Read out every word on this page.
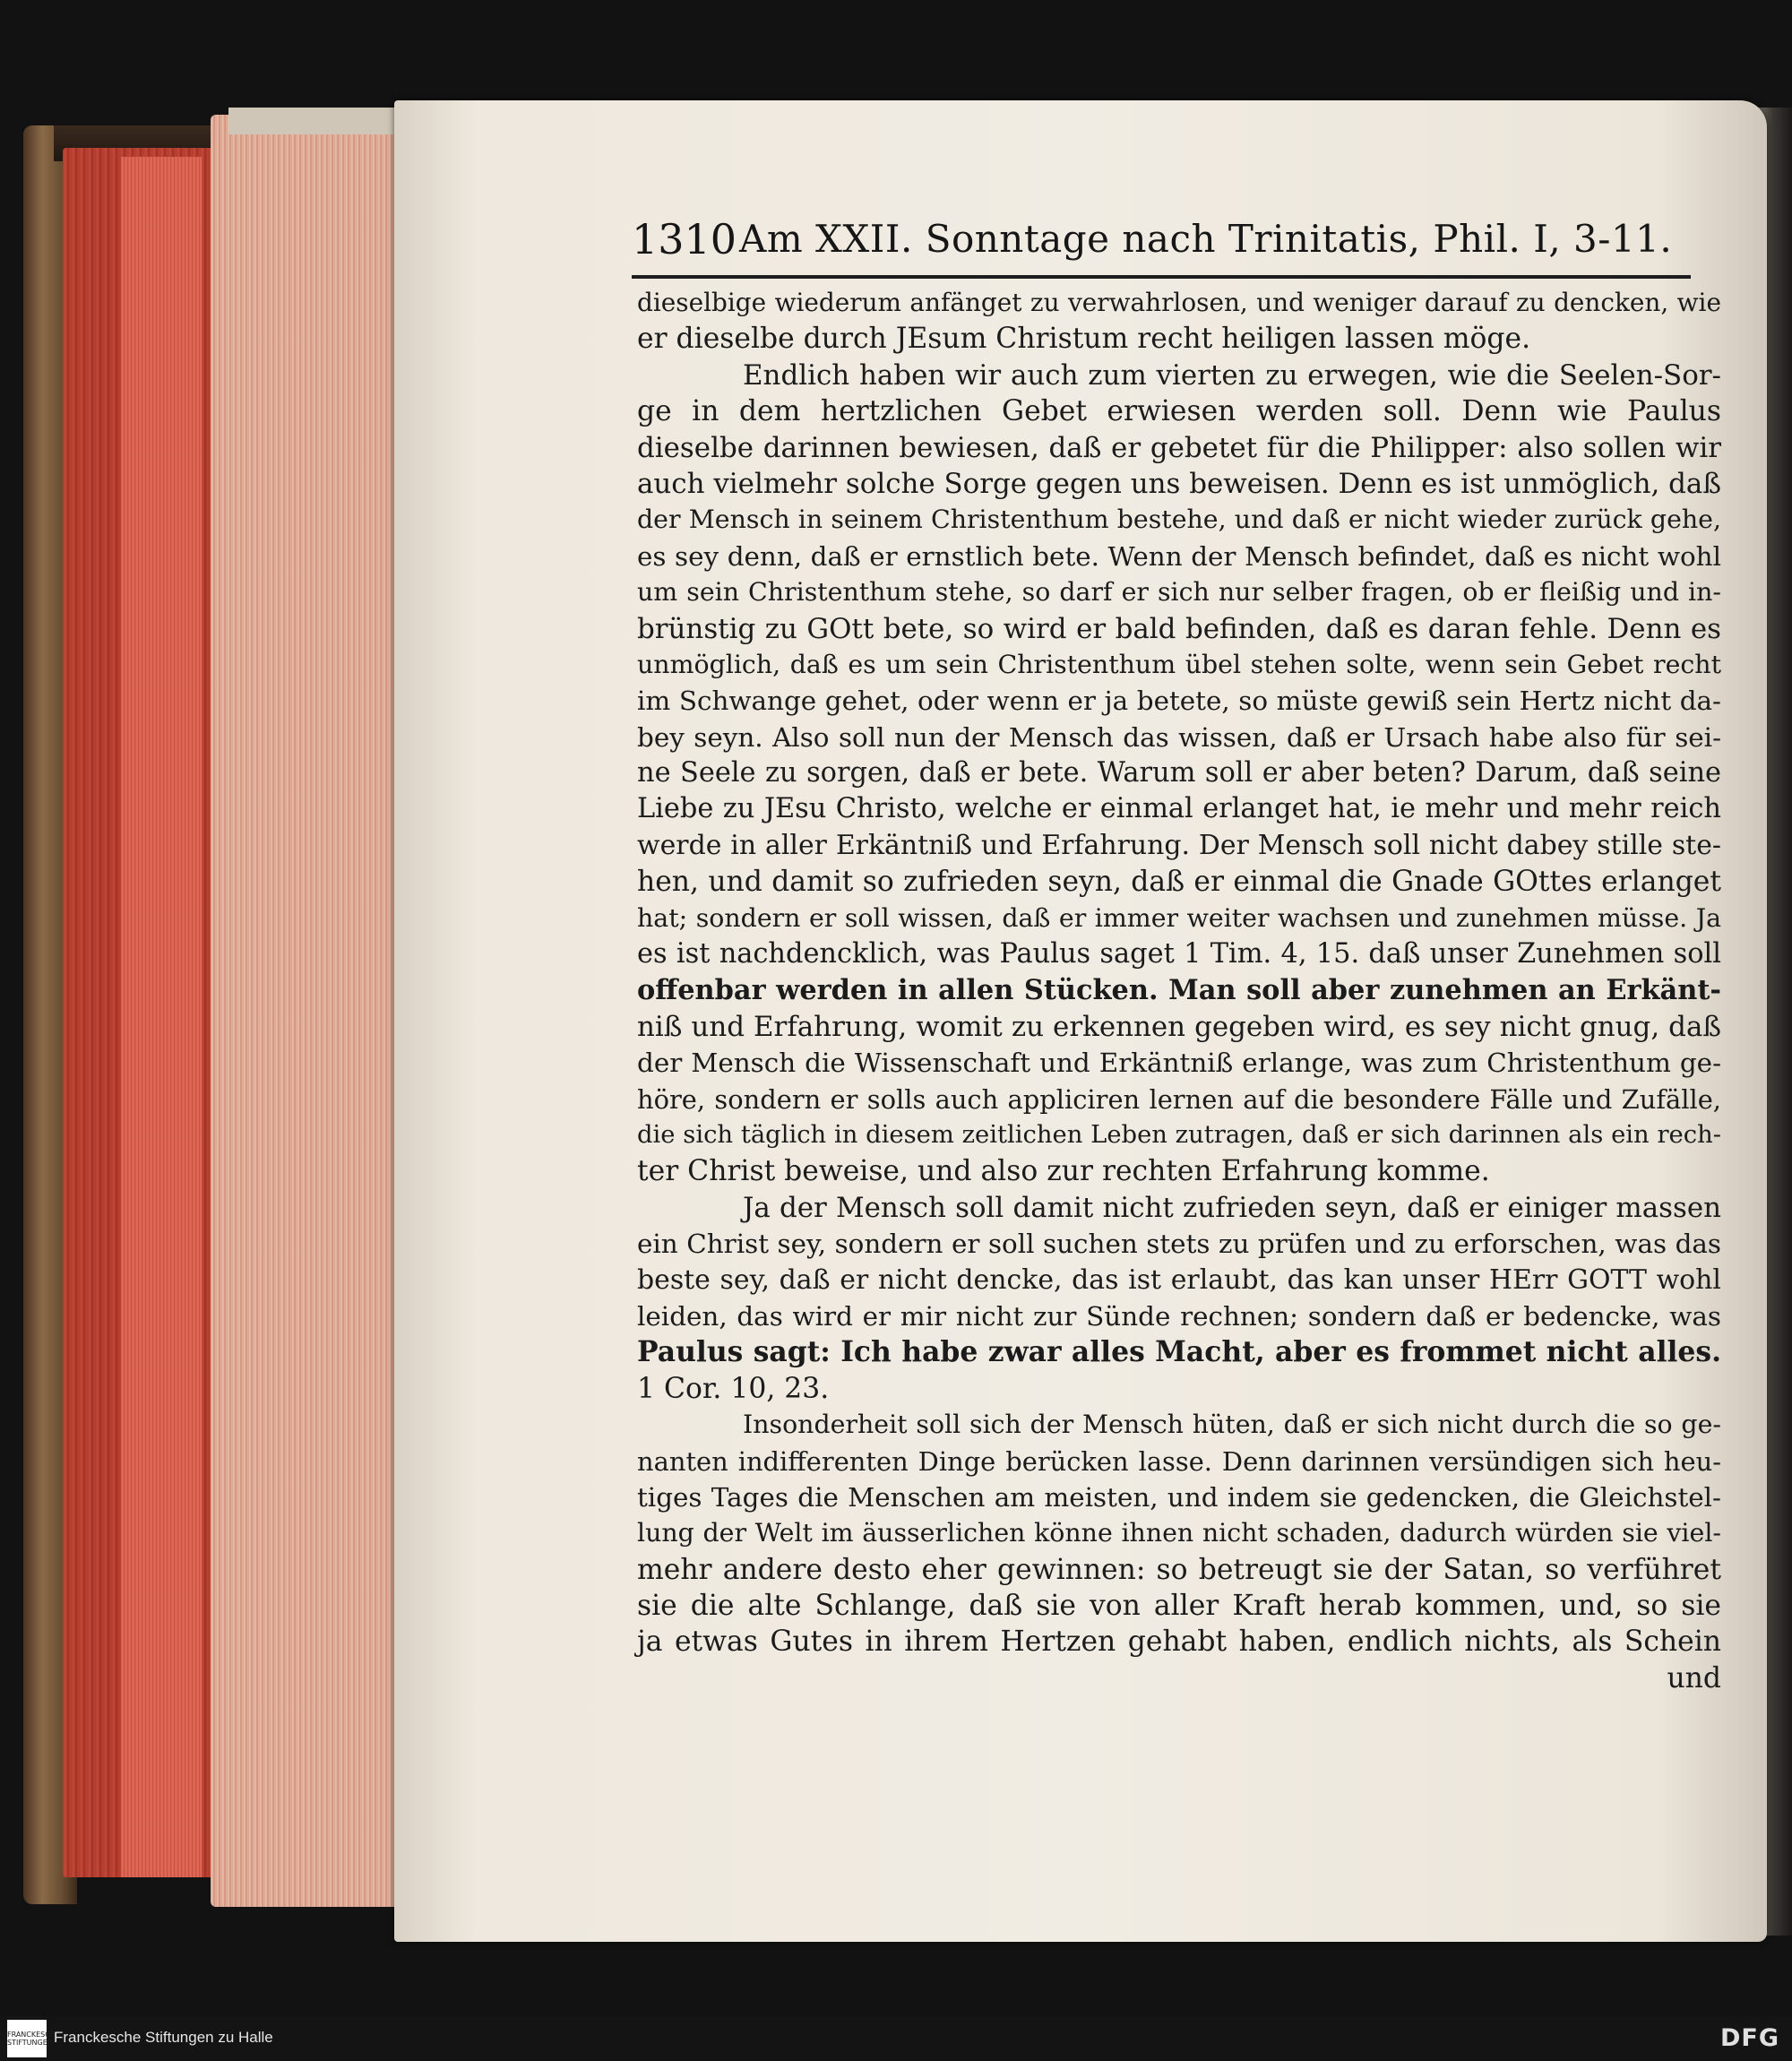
1310 Am XXII. Sonntage nach Trinitatis, Phil. I, 3-11.
dieselbige wiederum anfänget zu verwahrlosen, und weniger darauf zu dencken, wie
er dieselbe durch JEsum Christum recht heiligen lassen möge.
Endlich haben wir auch zum vierten zu erwegen, wie die Seelen-Sor-
ge in dem hertzlichen Gebet erwiesen werden soll. Denn wie Paulus
dieselbe darinnen bewiesen, daß er gebetet für die Philipper: also sollen wir
auch vielmehr solche Sorge gegen uns beweisen. Denn es ist unmöglich, daß
der Mensch in seinem Christenthum bestehe, und daß er nicht wieder zurück gehe,
es sey denn, daß er ernstlich bete. Wenn der Mensch befindet, daß es nicht wohl
um sein Christenthum stehe, so darf er sich nur selber fragen, ob er fleißig und in-
brünstig zu GOtt bete, so wird er bald befinden, daß es daran fehle. Denn es
unmöglich, daß es um sein Christenthum übel stehen solte, wenn sein Gebet recht
im Schwange gehet, oder wenn er ja betete, so müste gewiß sein Hertz nicht da-
bey seyn. Also soll nun der Mensch das wissen, daß er Ursach habe also für sei-
ne Seele zu sorgen, daß er bete. Warum soll er aber beten? Darum, daß seine
Liebe zu JEsu Christo, welche er einmal erlanget hat, ie mehr und mehr reich
werde in aller Erkäntniß und Erfahrung. Der Mensch soll nicht dabey stille ste-
hen, und damit so zufrieden seyn, daß er einmal die Gnade GOttes erlanget
hat; sondern er soll wissen, daß er immer weiter wachsen und zunehmen müsse. Ja
es ist nachdencklich, was Paulus saget 1 Tim. 4, 15. daß unser Zunehmen soll
offenbar werden in allen Stücken. Man soll aber zunehmen an Erkänt-
niß und Erfahrung, womit zu erkennen gegeben wird, es sey nicht gnug, daß
der Mensch die Wissenschaft und Erkäntniß erlange, was zum Christenthum ge-
höre, sondern er solls auch appliciren lernen auf die besondere Fälle und Zufälle,
die sich täglich in diesem zeitlichen Leben zutragen, daß er sich darinnen als ein rech-
ter Christ beweise, und also zur rechten Erfahrung komme.
Ja der Mensch soll damit nicht zufrieden seyn, daß er einiger massen
ein Christ sey, sondern er soll suchen stets zu prüfen und zu erforschen, was das
beste sey, daß er nicht dencke, das ist erlaubt, das kan unser HErr GOTT wohl
leiden, das wird er mir nicht zur Sünde rechnen; sondern daß er bedencke, was
Paulus sagt: Ich habe zwar alles Macht, aber es frommet nicht alles.
1 Cor. 10, 23.
Insonderheit soll sich der Mensch hüten, daß er sich nicht durch die so ge-
nanten indifferenten Dinge berücken lasse. Denn darinnen versündigen sich heu-
tiges Tages die Menschen am meisten, und indem sie gedencken, die Gleichstel-
lung der Welt im äusserlichen könne ihnen nicht schaden, dadurch würden sie viel-
mehr andere desto eher gewinnen: so betreugt sie der Satan, so verführet
sie die alte Schlange, daß sie von aller Kraft herab kommen, und, so sie
ja etwas Gutes in ihrem Hertzen gehabt haben, endlich nichts, als Schein
und
FRANCKESCHE STIFTUNGEN Franckesche Stiftungen zu Halle	DFG
